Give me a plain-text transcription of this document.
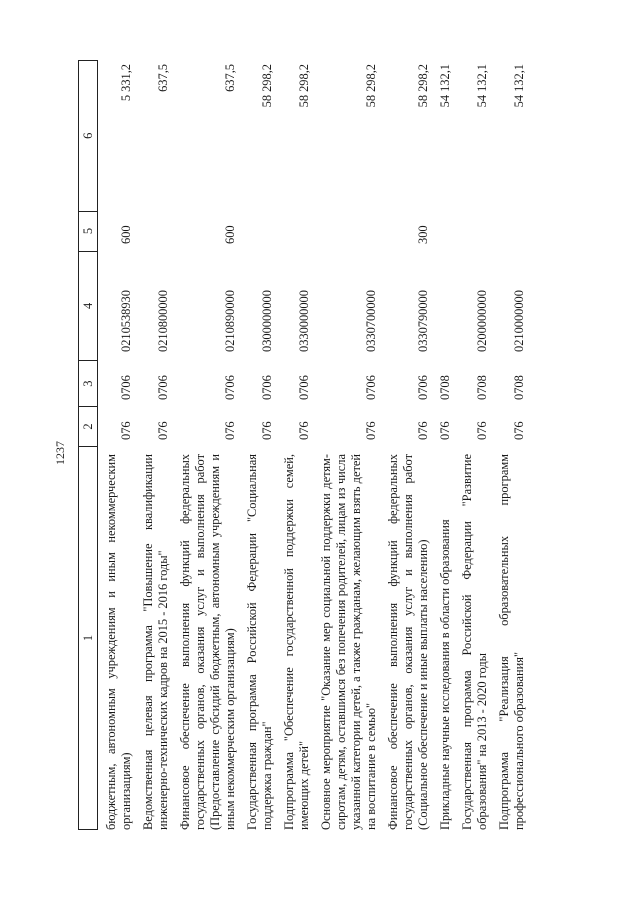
1237
1
2
3
4
5
6
бюджетным, автономным учреждениям и иным некоммерческим организациям)
076
0706
0210538930
600
5 331,2
Ведомственная целевая программа "Повышение квалификации инженерно-технических кадров на 2015 - 2016 годы"
076
0706
0210800000
637,5
Финансовое обеспечение выполнения функций федеральных государственных органов, оказания услуг и выполнения работ (Предоставление субсидий бюджетным, автономным учреждениям и иным некоммерческим организациям)
076
0706
0210890000
600
637,5
Государственная программа Российской Федерации "Социальная поддержка граждан"
076
0706
0300000000
58 298,2
Подпрограмма "Обеспечение государственной поддержки семей, имеющих детей"
076
0706
0330000000
58 298,2
Основное мероприятие "Оказание мер социальной поддержки детям-сиротам, детям, оставшимся без попечения родителей, лицам из числа указанной категории детей, а также гражданам, желающим взять детей на воспитание в семью"
076
0706
0330700000
58 298,2
Финансовое обеспечение выполнения функций федеральных государственных органов, оказания услуг и выполнения работ (Социальное обеспечение и иные выплаты населению)
076
0706
0330790000
300
58 298,2
Прикладные научные исследования в области образования
076
0708
54 132,1
Государственная программа Российской Федерации "Развитие образования" на 2013 - 2020 годы
076
0708
0200000000
54 132,1
Подпрограмма "Реализация образовательных программ профессионального образования"
076
0708
0210000000
54 132,1
